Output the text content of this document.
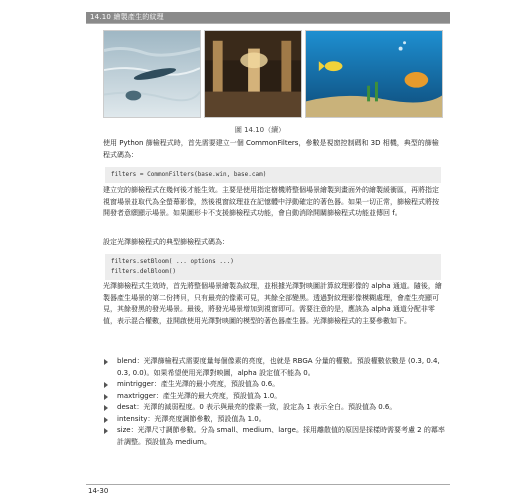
14.10 繪製產生的紋理
圖 14.10（續）

使用 Python 篩檢程式時，首先需要建立一個 CommonFilters，參數是視窗控制碼和 3D 相機，典型的篩檢程式碼為：

filters = CommonFilters(base.win, base.cam)

建立完的篩檢程式在幾何後才能生效。主要是使用指定樹機將整個場景繪製到畫面外的繪製緩衝區，再將指定視窗場景並取代為全螢幕影像，然後視窗紋理並在記憶體中浮動確定的著色器。如果一切正常，篩檢程式將按開發者意願顯示場景。如果圖形卡不支援篩檢程式功能，會自動消除開關篩檢程式功能並傳回 f。

設定光澤篩檢程式的典型篩檢程式碼為：

filters.setBloom( ... options ...)
filters.delBloom()

光澤篩檢程式生效時，首先將整個場景繪製為紋理，並根據光澤對映圖計算紋理影像的 alpha 通道。隨後，繪製器產生場景的第二份拷貝，只有最亮的像素可見，其餘全部變黑。透過對紋理影像模糊處理，會產生亮顯可見，其餘發黑的發光場景。最後，將發光場景增加到視窗即可。需要注意的是，應該為 alpha 通道分配非零值，表示混合權數，並開啟使用光澤對映圖的模型的著色器產生器。光澤篩檢程式的主要參數如下。

blend：光澤篩檢程式需要度量每個像素的亮度，也就是 RBGA 分量的權數。預設權數依數是 (0.3, 0.4, 0.3, 0.0)。如果希望使用光澤對映圖，alpha 設定值不能為 0。
mintrigger：產生光澤的最小亮度，預設值為 0.6。
maxtrigger：產生光澤的最大亮度，預設值為 1.0。
desat：光澤的減弱程度。0 表示與最亮的像素一致，設定為 1 表示全白。預設值為 0.6。
intensity：光澤亮度調節參數，預設值為 1.0。
size：光澤尺寸調節參數。分為 small、medium、large。採用離散值的原因是採樣時需要考慮 2 的冪率計調整。預設值為 medium。
14-30
